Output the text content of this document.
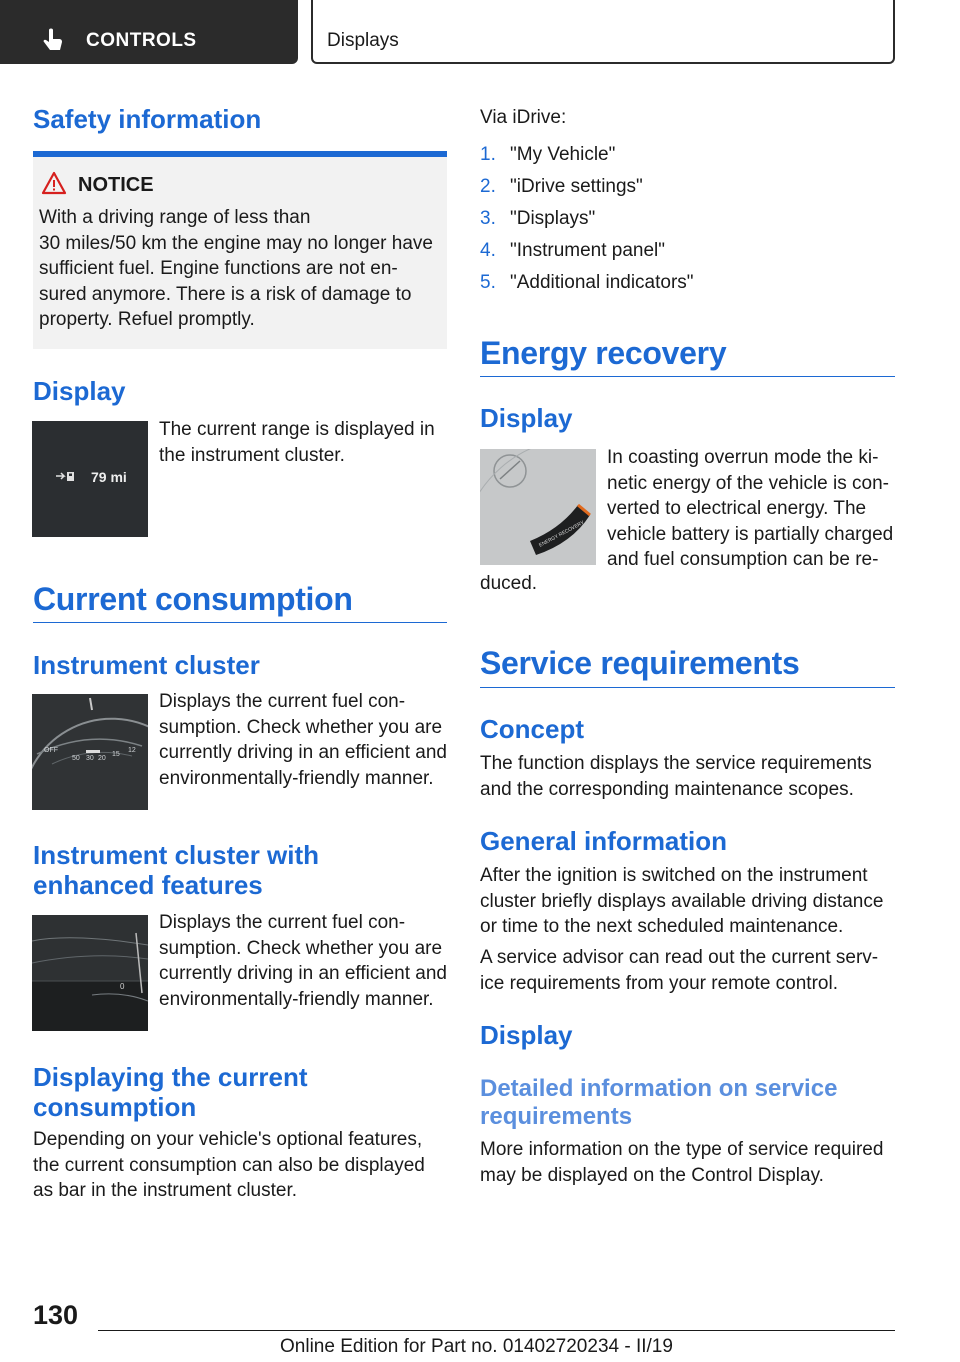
CONTROLS	Displays
Safety information
NOTICE
With a driving range of less than
30 miles/50 km the engine may no longer have
sufficient fuel. Engine functions are not en-
sured anymore. There is a risk of damage to
property. Refuel promptly.
Display
79 mi
The current range is displayed in
the instrument cluster.
Current consumption
Instrument cluster
OFF
50 30 20
15
12
Displays the current fuel con-
sumption. Check whether you are
currently driving in an efficient and
environmentally-friendly manner.
Instrument cluster with
enhanced features
0
Displays the current fuel con-
sumption. Check whether you are
currently driving in an efficient and
environmentally-friendly manner.
Displaying the current
consumption
Depending on your vehicle's optional features,
the current consumption can also be displayed
as bar in the instrument cluster.
Via iDrive:
1. "My Vehicle"
2. "iDrive settings"
3. "Displays"
4. "Instrument panel"
5. "Additional indicators"
Energy recovery
Display
ENERGY RECOVERY
In coasting overrun mode the ki-
netic energy of the vehicle is con-
verted to electrical energy. The
vehicle battery is partially charged
and fuel consumption can be re-
duced.
Service requirements
Concept
The function displays the service requirements
and the corresponding maintenance scopes.
General information
After the ignition is switched on the instrument
cluster briefly displays available driving distance
or time to the next scheduled maintenance.
A service advisor can read out the current serv-
ice requirements from your remote control.
Display
Detailed information on service
requirements
More information on the type of service required
may be displayed on the Control Display.
130
Online Edition for Part no. 01402720234 - II/19
